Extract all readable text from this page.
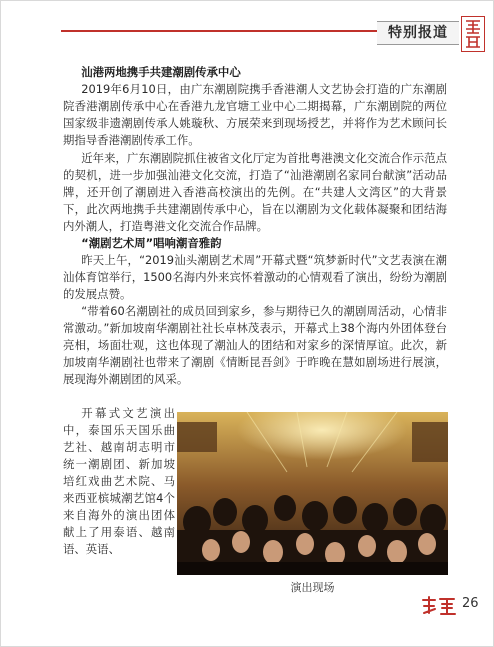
特别报道

汕港两地携手共建潮剧传承中心

2019年6月10日，由广东潮剧院携手香港潮人文艺协会打造的广东潮剧院香港潮剧传承中心在香港九龙官塘工业中心二期揭幕，广东潮剧院的两位国家级非遗潮剧传承人姚璇秋、方展荣来到现场授艺，并将作为艺术顾问长期指导香港潮剧传承工作。

近年来，广东潮剧院抓住被省文化厅定为首批粤港澳文化交流合作示范点的契机，进一步加强汕港文化交流，打造了“汕港潮剧名家同台献演”活动品牌，还开创了潮剧进入香港高校演出的先例。在“共建人文湾区”的大背景下，此次两地携手共建潮剧传承中心，旨在以潮剧为文化载体凝聚和团结海内外潮人，打造粤港文化交流合作品牌。

“潮剧艺术周”唱响潮音雅韵

昨天上午，“2019汕头潮剧艺术周”开幕式暨“筑梦新时代”文艺表演在潮汕体育馆举行，1500名海内外来宾怀着激动的心情观看了演出，纷纷为潮剧的发展点赞。

“带着60名潮剧社的成员回到家乡，参与期待已久的潮剧周活动，心情非常激动。”新加坡南华潮剧社社长卓林茂表示，开幕式上38个海内外团体登台亮相，场面壮观，这也体现了潮汕人的团结和对家乡的深情厚谊。此次，新加坡南华潮剧社也带来了潮剧《情断昆吾剑》于昨晚在慧如剧场进行展演，展现海外潮剧团的风采。

开幕式文艺演出中，泰国乐天国乐曲艺社、越南胡志明市统一潮剧团、新加坡培红戏曲艺术院、马来西亚槟城潮艺馆4个来自海外的演出团体献上了用泰语、越南语、英语、

演出现场
26
